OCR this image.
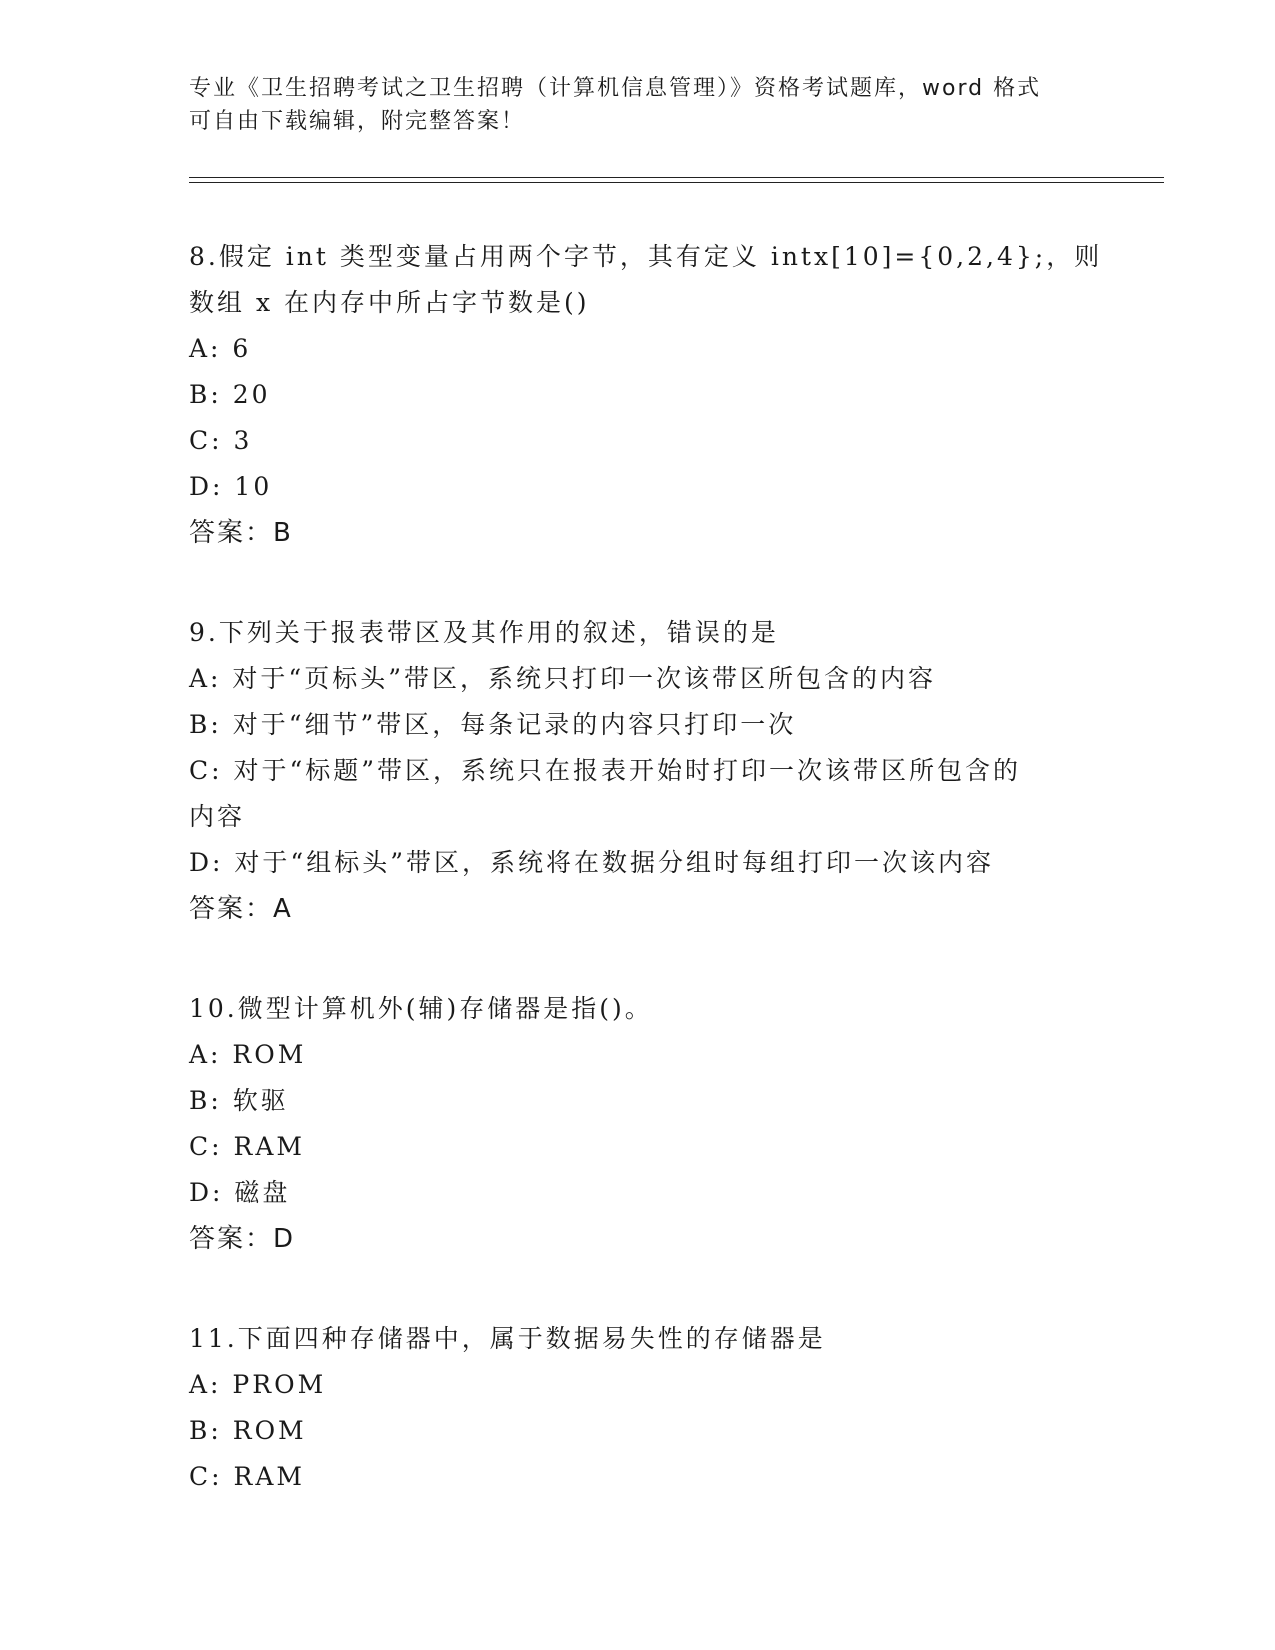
专业《卫生招聘考试之卫生招聘（计算机信息管理）》资格考试题库，word 格式
可自由下载编辑，附完整答案！
8.假定 int 类型变量占用两个字节，其有定义 intx[10]={0,2,4};，则
数组 x 在内存中所占字节数是()
A: 6
B: 20
C: 3
D: 10
答案：B
9.下列关于报表带区及其作用的叙述，错误的是
A: 对于“页标头”带区，系统只打印一次该带区所包含的内容
B: 对于“细节”带区，每条记录的内容只打印一次
C: 对于“标题”带区，系统只在报表开始时打印一次该带区所包含的
内容
D: 对于“组标头”带区，系统将在数据分组时每组打印一次该内容
答案：A
10.微型计算机外(辅)存储器是指()。
A: ROM
B: 软驱
C: RAM
D: 磁盘
答案：D
11.下面四种存储器中，属于数据易失性的存储器是
A: PROM
B: ROM
C: RAM
